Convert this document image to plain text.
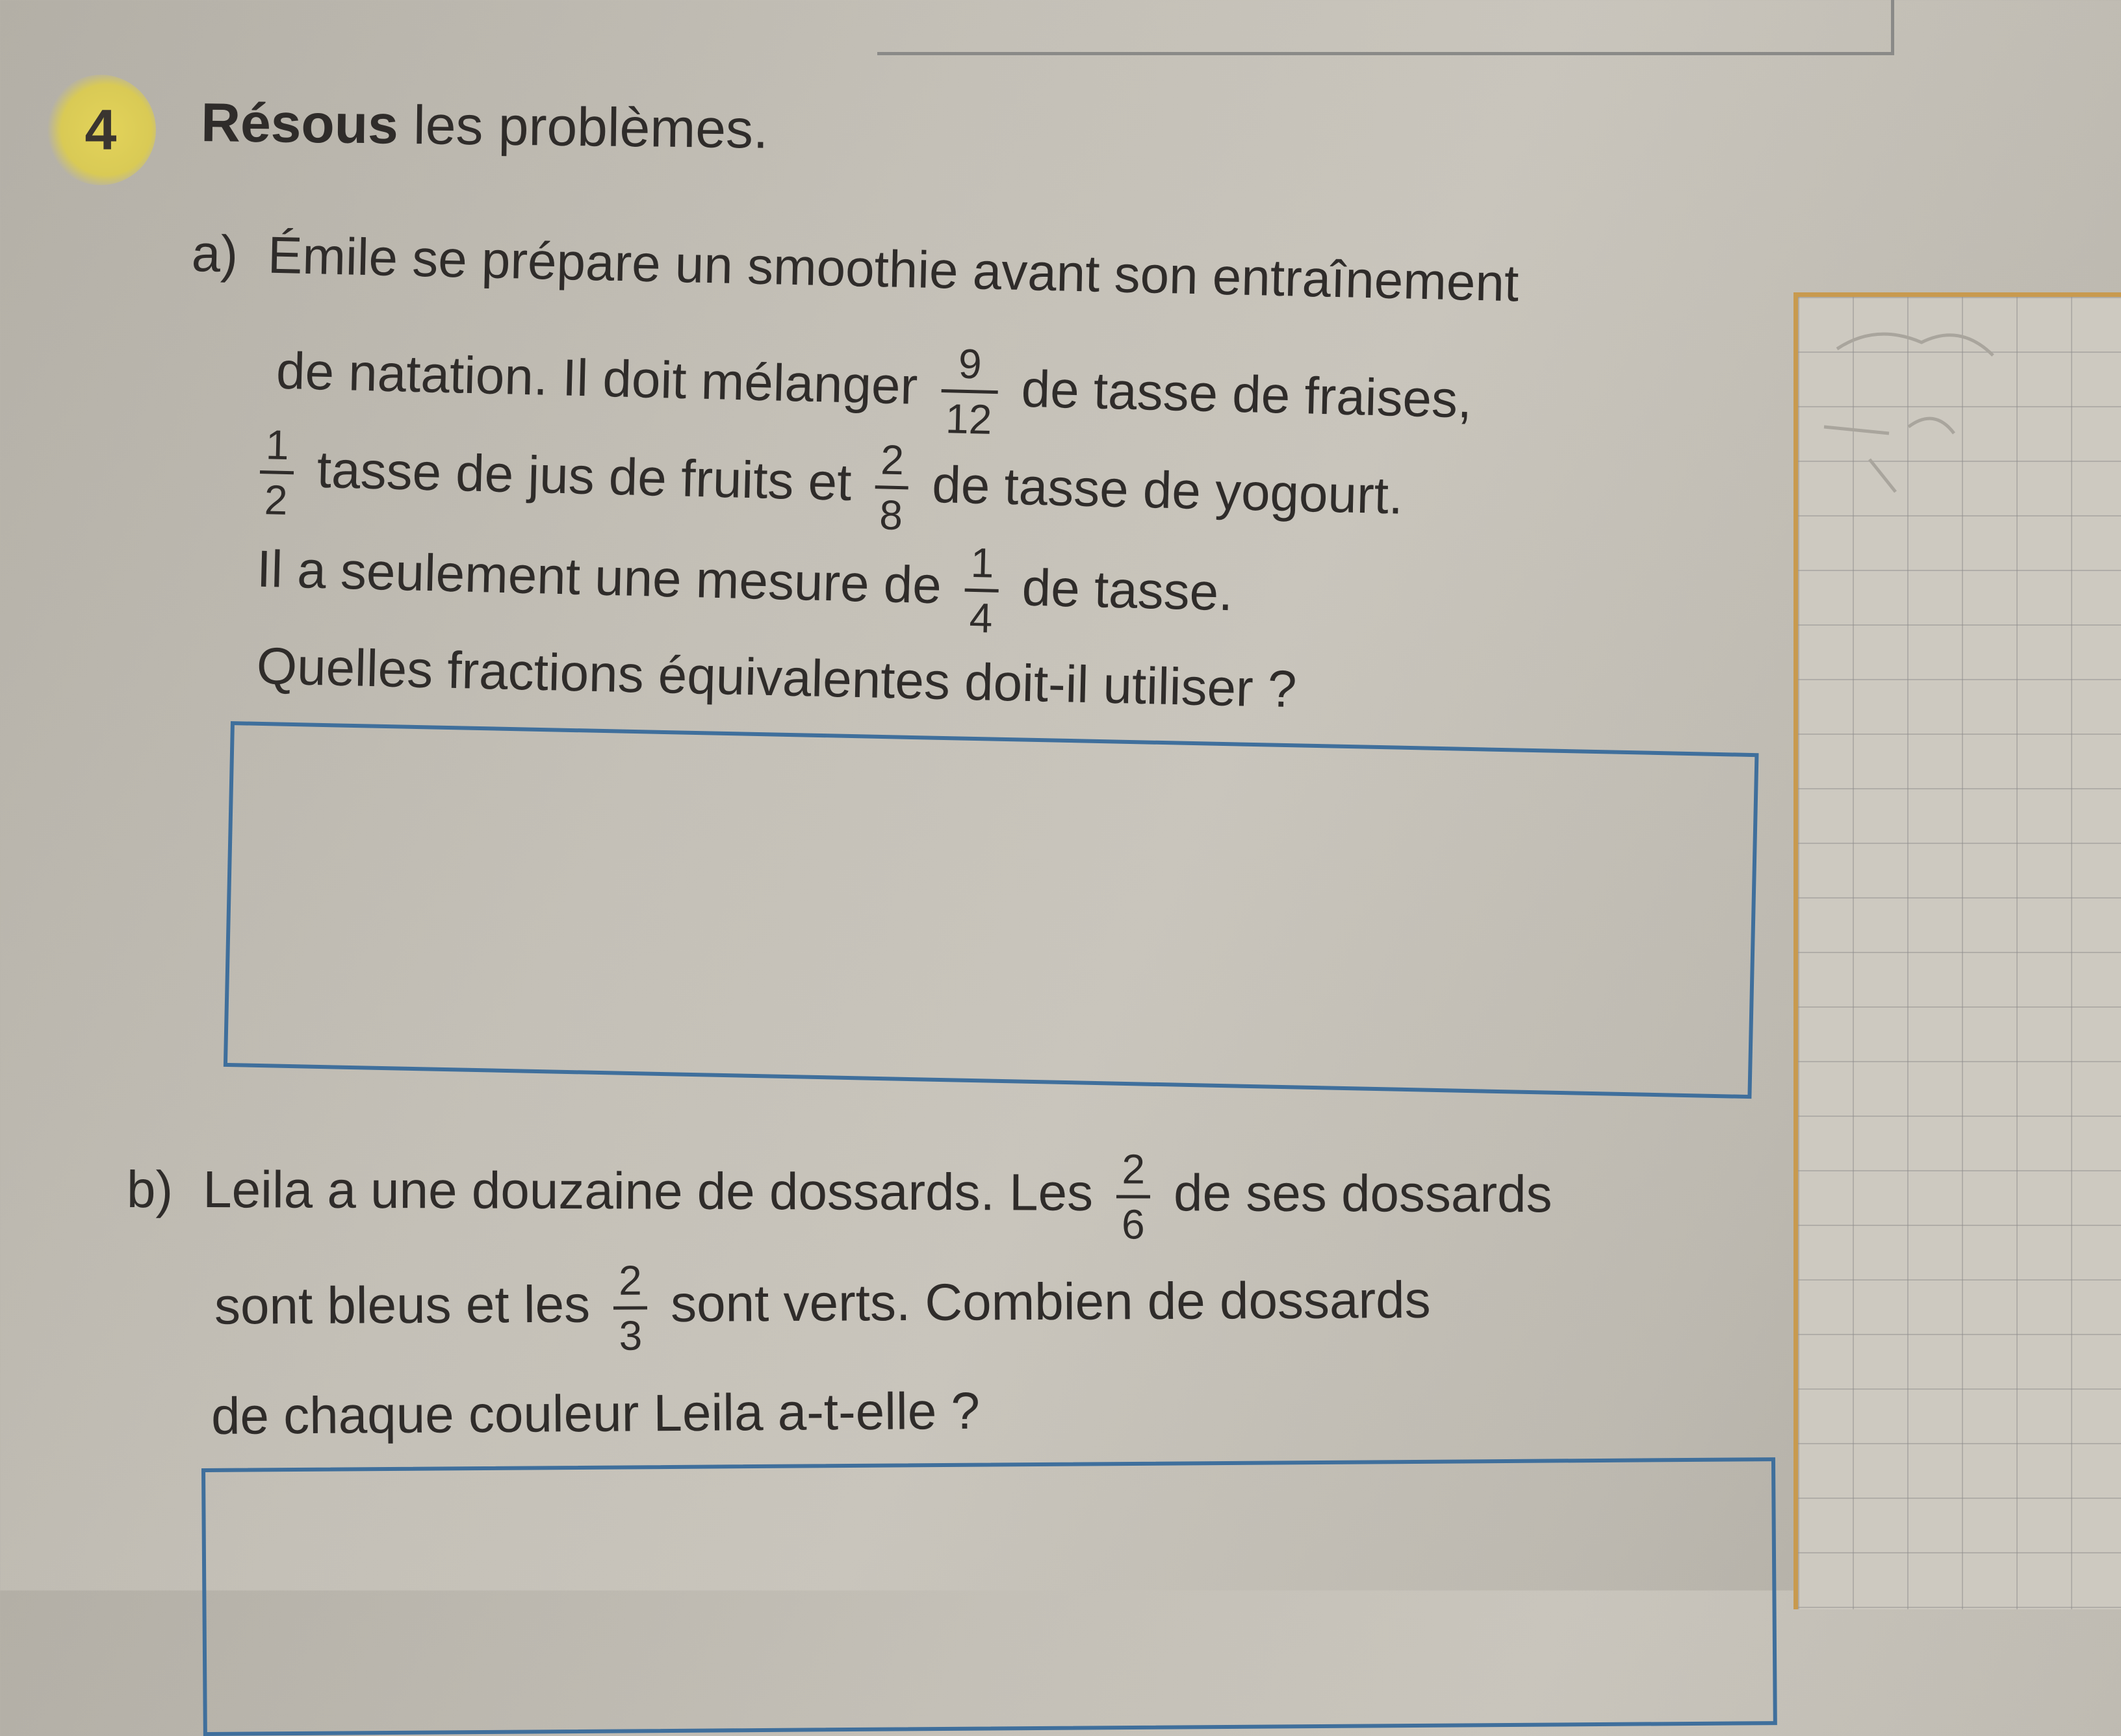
4 Résous les problèmes.
a) Émile se prépare un smoothie avant son entraînement
de natation. Il doit mélanger 9
12 de tasse de fraises,
1
2 tasse de jus de fruits et 2
8 de tasse de yogourt.
Il a seulement une mesure de 1
4 de tasse.
Quelles fractions équivalentes doit-il utiliser ?
b) Leila a une douzaine de dossards. Les 2
6
de ses dossards
sont bleus et les 2
3
sont verts. Combien de dossards
de chaque couleur Leila a-t-elle ?
